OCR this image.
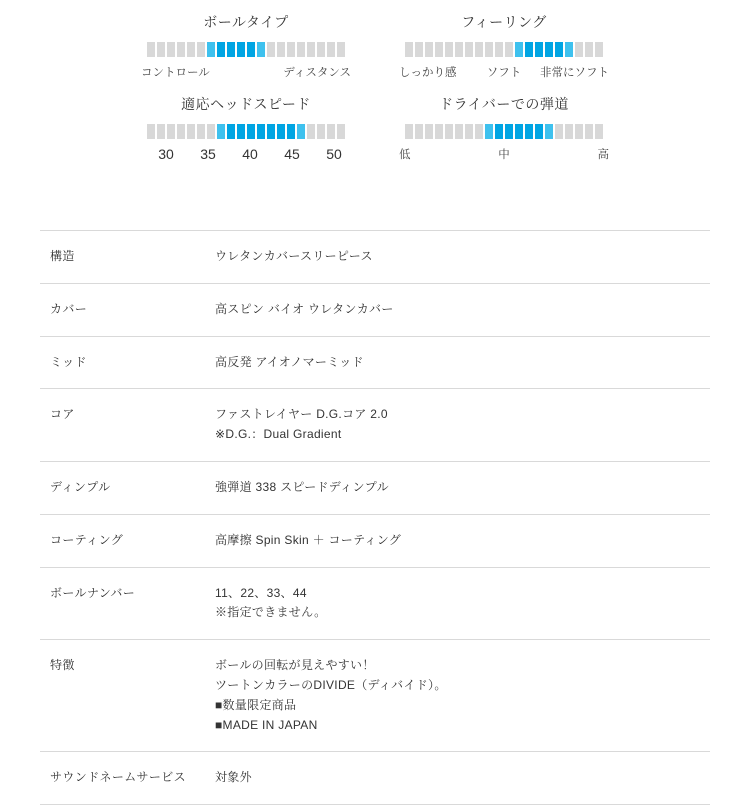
ボールタイプ
コントロール	ディスタンス
フィーリング
しっかり感	ソフト	非常にソフト
適応ヘッドスピード
30	35	40	45	50
ドライバーでの弾道
低	中	高
構造	ウレタンカバースリーピース

カバー	高スピン バイオ ウレタンカバー

ミッド	高反発 アイオノマーミッド

コア	ファストレイヤー D.G.コア 2.0
※D.G.：Dual Gradient

ディンプル	強弾道 338 スピードディンプル

コーティング	高摩擦 Spin Skin ＋ コーティング

ボールナンバー	11、22、33、44
※指定できません。

特徴	ボールの回転が見えやすい！
ツートンカラーのDIVIDE（ディバイド）。
■数量限定商品
■MADE IN JAPAN

サウンドネームサービス	対象外
